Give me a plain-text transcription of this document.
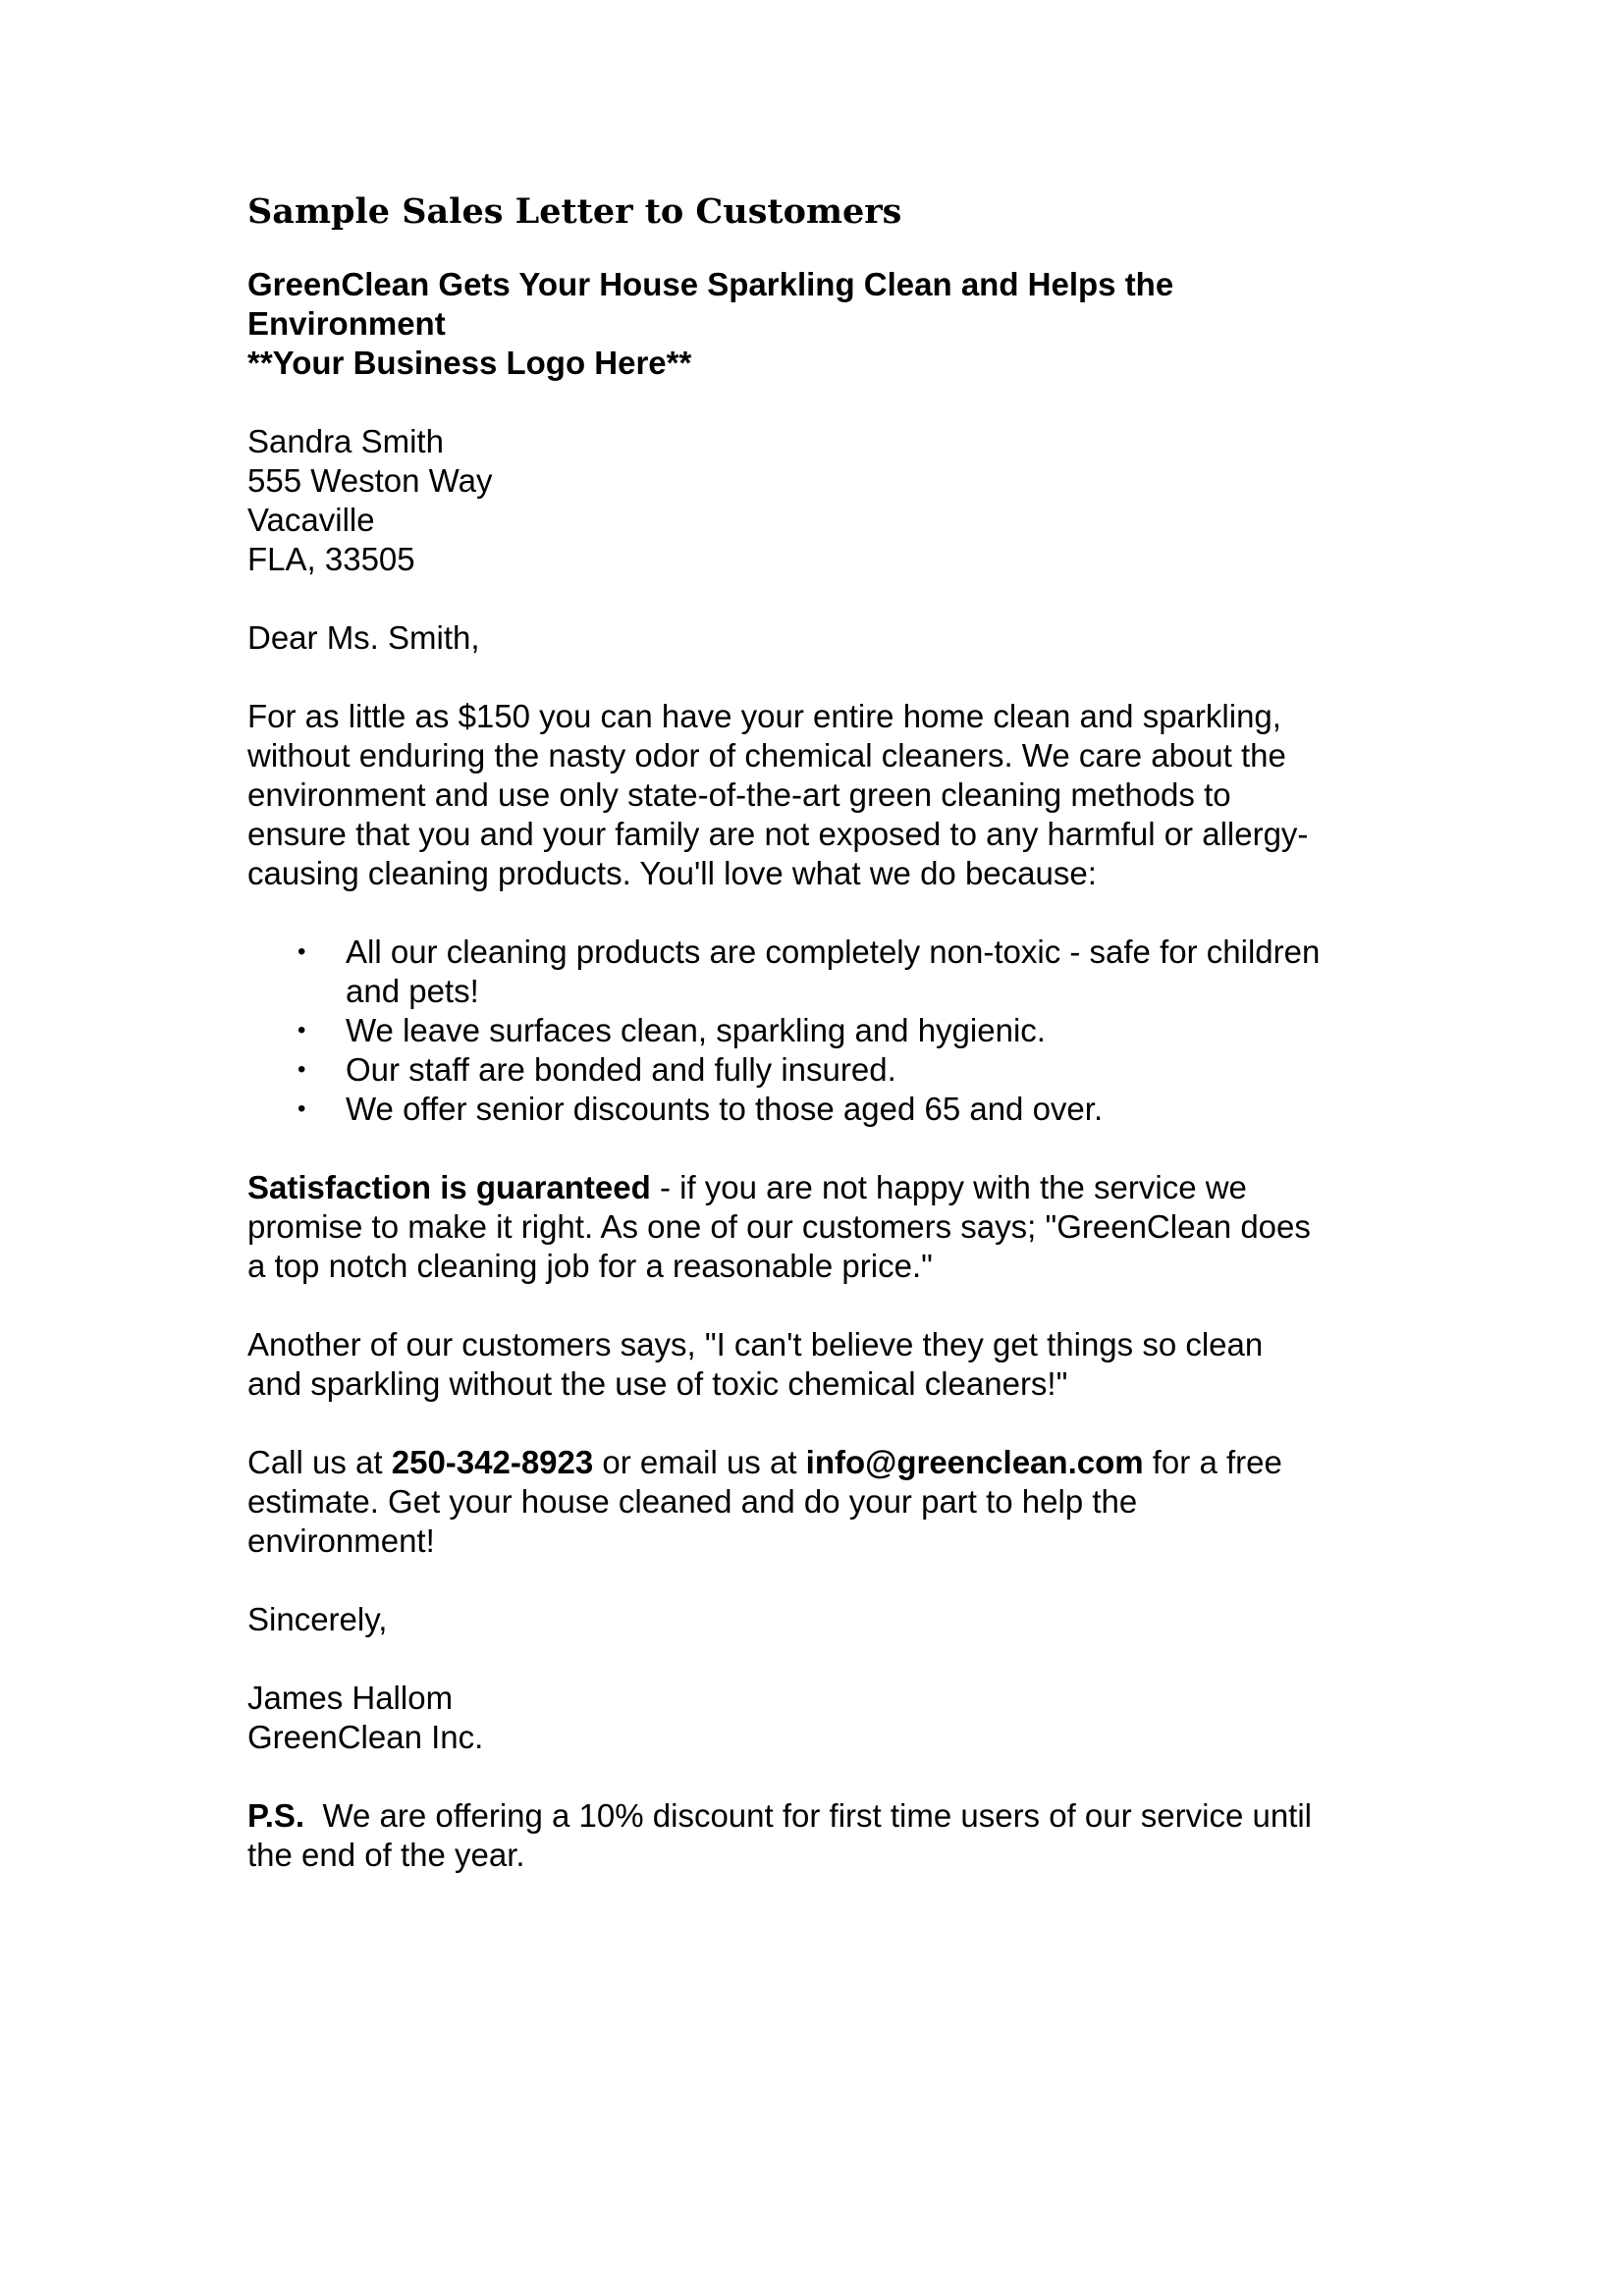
Sample Sales Letter to Customers
GreenClean Gets Your House Sparkling Clean and Helps the
Environment
**Your Business Logo Here**
Sandra Smith
555 Weston Way
Vacaville
FLA, 33505

Dear Ms. Smith,

For as little as $150 you can have your entire home clean and sparkling,
without enduring the nasty odor of chemical cleaners. We care about the
environment and use only state-of-the-art green cleaning methods to
ensure that you and your family are not exposed to any harmful or allergy-
causing cleaning products. You'll love what we do because:
• All our cleaning products are completely non-toxic - safe for children
and pets!
• We leave surfaces clean, sparkling and hygienic.
• Our staff are bonded and fully insured.
• We offer senior discounts to those aged 65 and over.
Satisfaction is guaranteed - if you are not happy with the service we
promise to make it right. As one of our customers says; "GreenClean does
a top notch cleaning job for a reasonable price."
Another of our customers says, "I can't believe they get things so clean
and sparkling without the use of toxic chemical cleaners!"
Call us at 250-342-8923 or email us at info@greenclean.com for a free
estimate. Get your house cleaned and do your part to help the
environment!

Sincerely,

James Hallom
GreenClean Inc.
P.S.  We are offering a 10% discount for first time users of our service until
the end of the year.
